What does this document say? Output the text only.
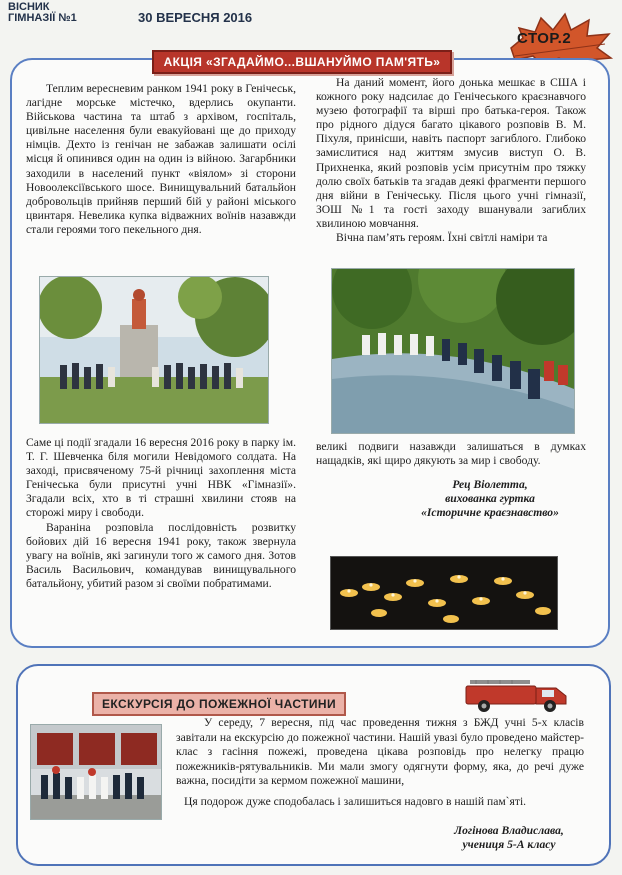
ВІСНИК
ГІМНАЗІЇ №1	30 ВЕРЕСНЯ 2016
СТОР.2
АКЦІЯ «ЗГАДАЙМО...ВШАНУЙМО ПАМ'ЯТЬ»

Теплим вересневим ранком 1941 року в Генічеськ, лагідне морське містечко, вдерлись окупанти. Військова частина та штаб з архівом, госпіталь, цивільне населення були евакуйовані ще до приходу німців. Дехто із генічан не забажав залишати осілі місця й опинився один на один із війною. Загарбники заходили в населений пункт «віялом» зі сторони Новоолексіївського шосе. Винищувальний батальйон добровольців прийняв перший бій у районі міського цвинтаря. Невелика купка відважних воїнів назавжди стали героями того пекельного дня.

Саме ці події згадали 16 вересня 2016 року в парку ім. Т. Г. Шевченка біля могили Невідомого солдата. На заході, присвяченому 75-й річниці захоплення міста Генічеська були присутні учні НВК «Гімназії». Згадали всіх, хто в ті страшні хвилини стояв на сторожі миру і свободи.

Вараніна розповіла послідовність розвитку бойових дій 16 вересня 1941 року, також звернула увагу на воїнів, які загинули того ж самого дня. Зотов Василь Васильович, командував винищувального батальйону, убитий разом зі своїми побратимами.

На даний момент, його донька мешкає в США і кожного року надсилає до Генічеського краєзнавчого музею фотографії та вірші про батька-героя. Також про рідного дідуся багато цікавого розповів В. М. Піхуля, принісши, навіть паспорт загиблого. Глибоко замислитися над життям змусив виступ О. В. Прихненка, який розповів усім присутнім про тяжку долю своїх батьків та згадав деякі фрагменти першого дня війни в Генічеську. Після цього учні гімназії, ЗОШ №1 та гості заходу вшанували загиблих хвилиною мовчання.

Вічна пам’ять героям. Їхні світлі наміри та

великі подвиги назавжди залишаться в думках нащадків, які щиро дякують за мир і свободу.

Рец Віолетта,
вихованка гуртка
«Історичне краєзнавство»
ЕКСКУРСІЯ ДО ПОЖЕЖНОЇ ЧАСТИНИ

У середу, 7 вересня, під час проведення тижня з БЖД учні 5-х класів завітали на екскурсію до пожежної частини. Нашій увазі було проведено майстер-клас з гасіння пожежі, проведена цікава розповідь про нелегку працю пожежників-рятувальників. Ми мали змогу одягнути форму, яка, до речі дуже важна, посидіти за кермом пожежної машини,

Ця подорож дуже сподобалась і залишиться надовго в нашій пам`яті.

Логінова Владислава,
учениця 5-А класу
